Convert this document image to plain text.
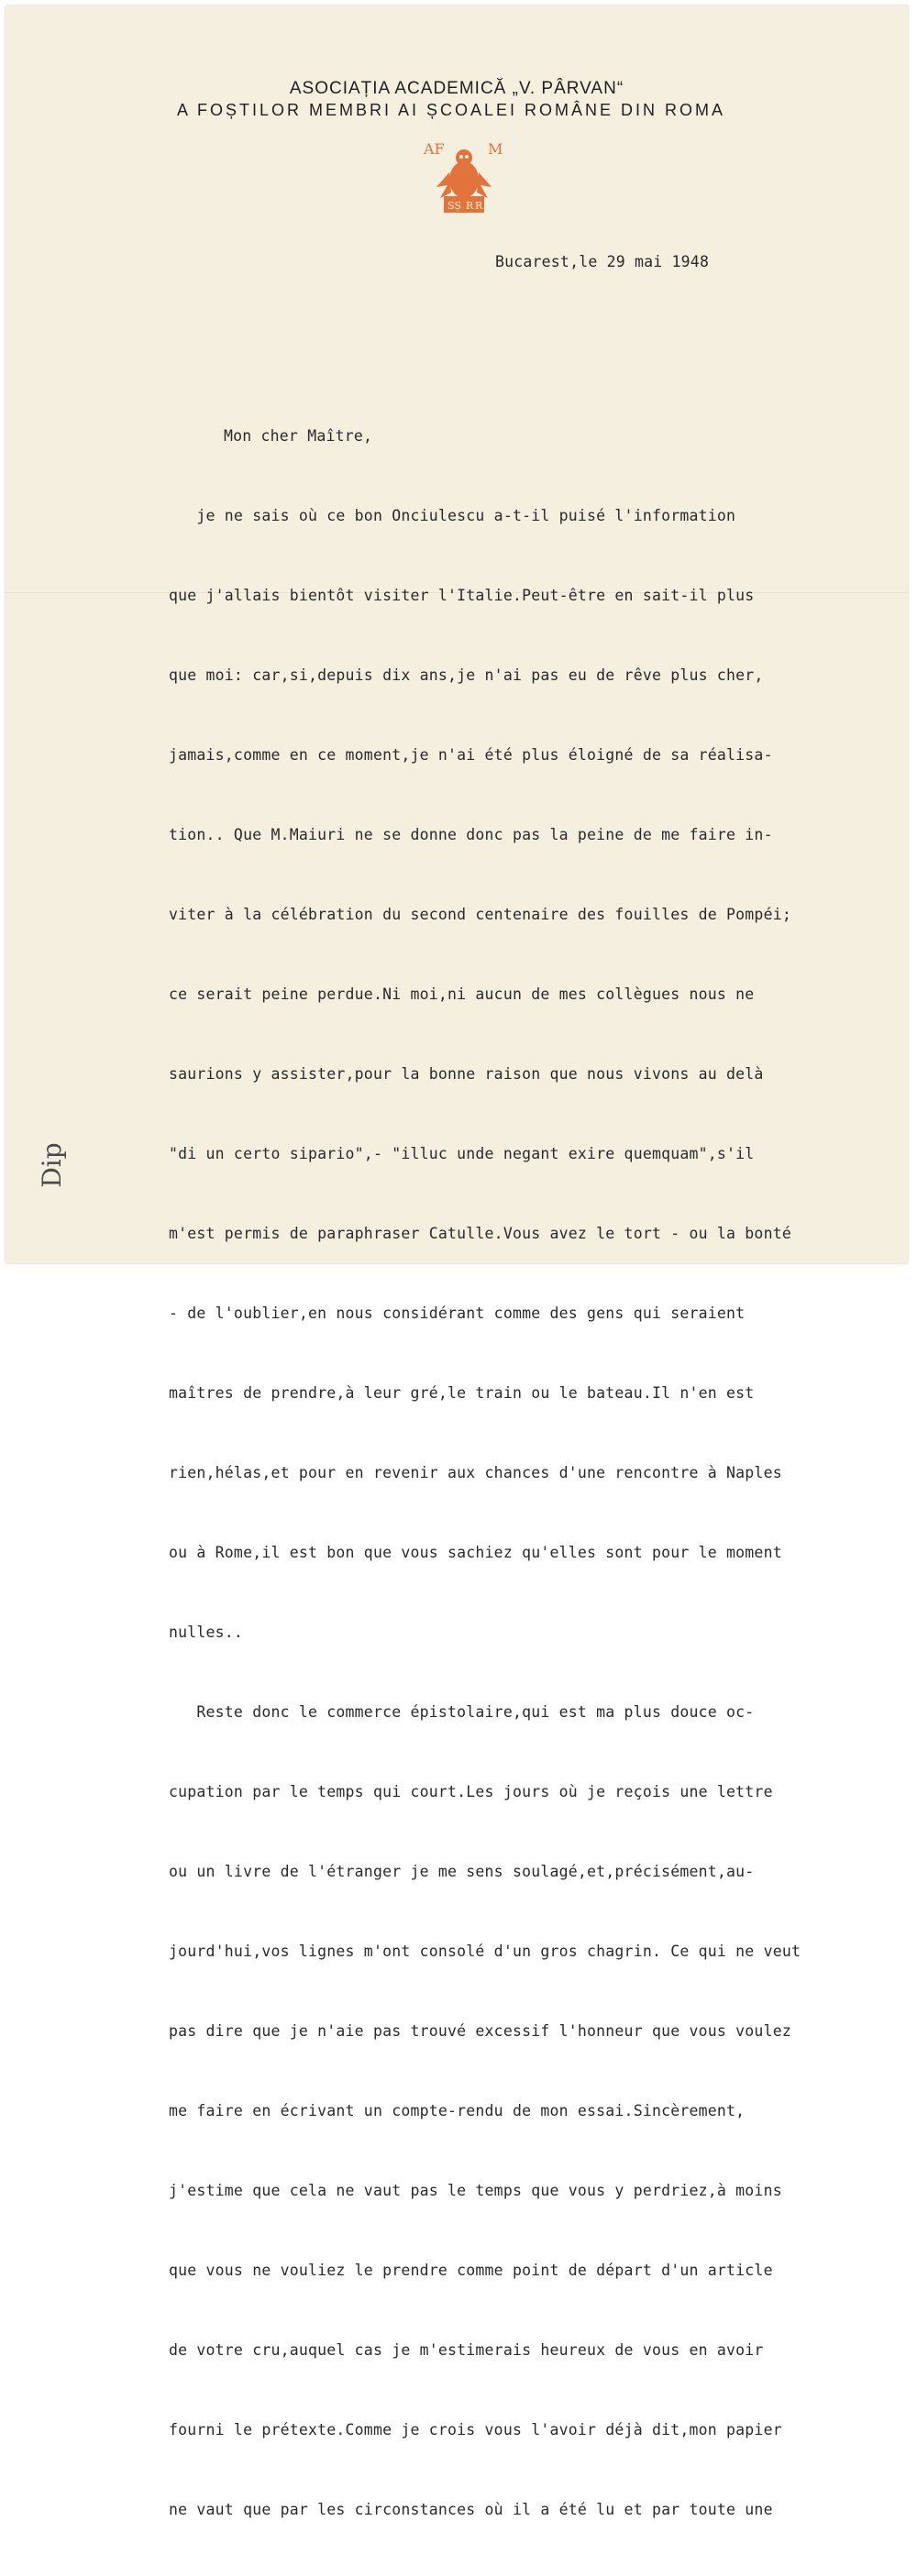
ASOCIAȚIA ACADEMICĂ „V. PÂRVAN“
A FOȘTILOR MEMBRI AI ȘCOALEI ROMÂNE DIN ROMA
AF	M
SȘ R R
Bucarest,le 29 mai 1948

Mon cher Maître,

je ne sais où ce bon Onciulescu a-t-il puisé l'information

que j'allais bientôt visiter l'Italie.Peut-être en sait-il plus

que moi: car,si,depuis dix ans,je n'ai pas eu de rêve plus cher,

jamais,comme en ce moment,je n'ai été plus éloigné de sa réalisa-

tion.. Que M.Maiuri ne se donne donc pas la peine de me faire in-

viter à la célébration du second centenaire des fouilles de Pompéi;

ce serait peine perdue.Ni moi,ni aucun de mes collègues nous ne

saurions y assister,pour la bonne raison que nous vivons au delà

"di un certo sipario",- "illuc unde negant exire quemquam",s'il

m'est permis de paraphraser Catulle.Vous avez le tort - ou la bonté

- de l'oublier,en nous considérant comme des gens qui seraient

maîtres de prendre,à leur gré,le train ou le bateau.Il n'en est

rien,hélas,et pour en revenir aux chances d'une rencontre à Naples

ou à Rome,il est bon que vous sachiez qu'elles sont pour le moment

nulles..

Reste donc le commerce épistolaire,qui est ma plus douce oc-

cupation par le temps qui court.Les jours où je reçois une lettre

ou un livre de l'étranger je me sens soulagé,et,précisément,au-

jourd'hui,vos lignes m'ont consolé d'un gros chagrin. Ce qui ne veut

pas dire que je n'aie pas trouvé excessif l'honneur que vous voulez

me faire en écrivant un compte-rendu de mon essai.Sincèrement,

j'estime que cela ne vaut pas le temps que vous y perdriez,à moins

que vous ne vouliez le prendre comme point de départ d'un article

de votre cru,auquel cas je m'estimerais heureux de vous en avoir

fourni le prétexte.Comme je crois vous l'avoir déjà dit,mon papier

ne vaut que par les circonstances où il a été lu et par toute une

Dip
